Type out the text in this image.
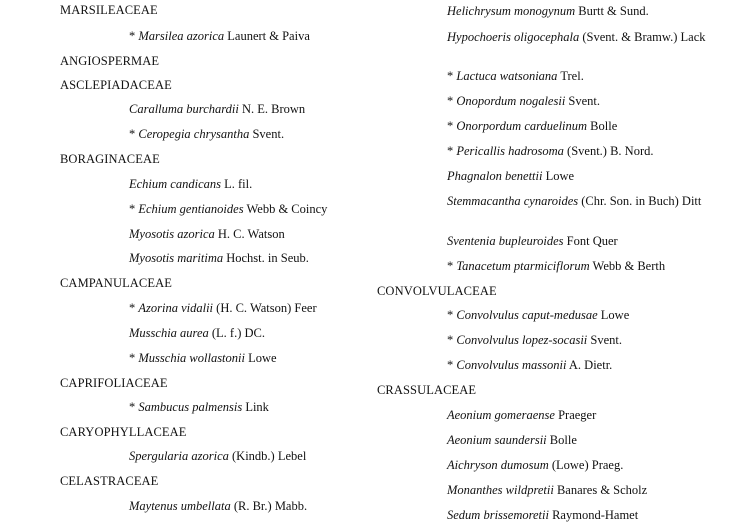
MARSILEACEAE
* Marsilea azorica Launert & Paiva
ANGIOSPERMAE
ASCLEPIADACEAE
Caralluma burchardii N. E. Brown
* Ceropegia chrysantha Svent.
BORAGINACEAE
Echium candicans L. fil.
* Echium gentianoides Webb & Coincy
Myosotis azorica H. C. Watson
Myosotis maritima Hochst. in Seub.
CAMPANULACEAE
* Azorina vidalii (H. C. Watson) Feer
Musschia aurea (L. f.) DC.
* Musschia wollastonii Lowe
CAPRIFOLIACEAE
* Sambucus palmensis Link
CARYOPHYLLACEAE
Spergularia azorica (Kindb.) Lebel
CELASTRACEAE
Maytenus umbellata (R. Br.) Mabb.
Helichrysum monogynum Burtt & Sund.
Hypochoeris oligocephala (Svent. & Bramw.) Lack
* Lactuca watsoniana Trel.
* Onopordum nogalesii Svent.
* Onorpordum carduelinum Bolle
* Pericallis hadrosoma (Svent.) B. Nord.
Phagnalon benettii Lowe
Stemmacantha cynaroides (Chr. Son. in Buch) Ditt
Sventenia bupleuroides Font Quer
* Tanacetum ptarmiciflorum Webb & Berth
CONVOLVULACEAE
* Convolvulus caput-medusae Lowe
* Convolvulus lopez-socasii Svent.
* Convolvulus massonii A. Dietr.
CRASSULACEAE
Aeonium gomeraense Praeger
Aeonium saundersii Bolle
Aichryson dumosum (Lowe) Praeg.
Monanthes wildpretii Banares & Scholz
Sedum brissemoretii Raymond-Hamet
